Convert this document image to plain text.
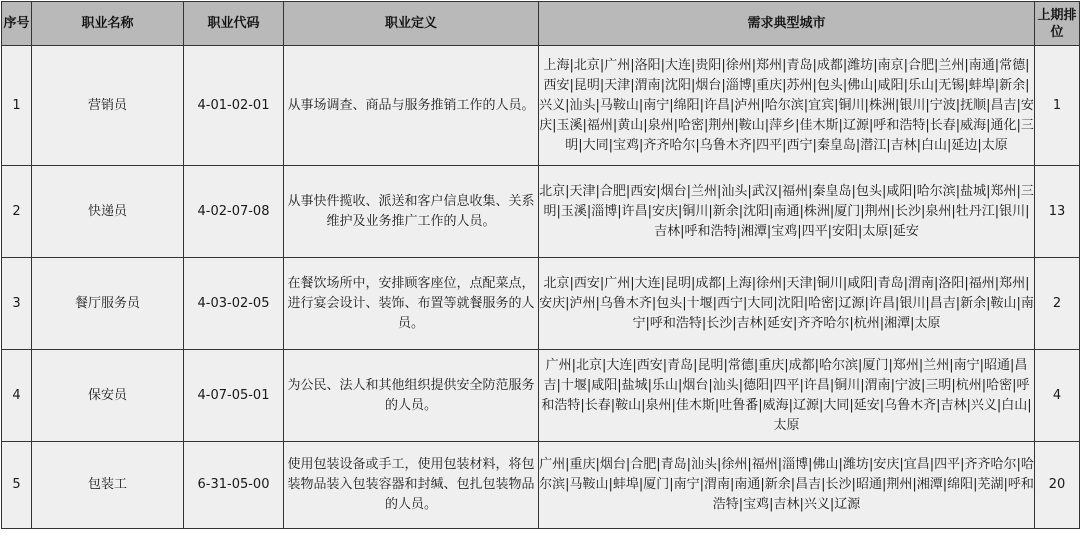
序号	职业名称	职业代码	职业定义	需求典型城市	上期排位
1	营销员	4-01-02-01	从事场调查、商品与服务推销工作的人员。	上海|北京|广州|洛阳|大连|贵阳|徐州|郑州|青岛|成都|潍坊|南京|合肥|兰州|南通|常德|西安|昆明|天津|渭南|沈阳|烟台|淄博|重庆|苏州|包头|佛山|咸阳|乐山|无锡|蚌埠|新余|兴义|汕头|马鞍山|南宁|绵阳|许昌|泸州|哈尔滨|宜宾|铜川|株洲|银川|宁波|抚顺|昌吉|安庆|玉溪|福州|黄山|泉州|哈密|荆州|鞍山|萍乡|佳木斯|辽源|呼和浩特|长春|威海|通化|三明|大同|宝鸡|齐齐哈尔|乌鲁木齐|四平|西宁|秦皇岛|潜江|吉林|白山|延边|太原	1
2	快递员	4-02-07-08	从事快件揽收、派送和客户信息收集、关系维护及业务推广工作的人员。	北京|天津|合肥|西安|烟台|兰州|汕头|武汉|福州|秦皇岛|包头|咸阳|哈尔滨|盐城|郑州|三明|玉溪|淄博|许昌|安庆|铜川|新余|沈阳|南通|株洲|厦门|荆州|长沙|泉州|牡丹江|银川|吉林|呼和浩特|湘潭|宝鸡|四平|安阳|太原|延安	13
3	餐厅服务员	4-03-02-05	在餐饮场所中，安排顾客座位，点配菜点，进行宴会设计、装饰、布置等就餐服务的人员。	北京|西安|广州|大连|昆明|成都|上海|徐州|天津|铜川|咸阳|青岛|渭南|洛阳|福州|郑州|安庆|泸州|乌鲁木齐|包头|十堰|西宁|大同|沈阳|哈密|辽源|许昌|银川|昌吉|新余|鞍山|南宁|呼和浩特|长沙|吉林|延安|齐齐哈尔|杭州|湘潭|太原	2
4	保安员	4-07-05-01	为公民、法人和其他组织提供安全防范服务的人员。	广州|北京|大连|西安|青岛|昆明|常德|重庆|成都|哈尔滨|厦门|郑州|兰州|南宁|昭通|昌吉|十堰|咸阳|盐城|乐山|烟台|汕头|德阳|四平|许昌|铜川|渭南|宁波|三明|杭州|哈密|呼和浩特|长春|鞍山|泉州|佳木斯|吐鲁番|威海|辽源|大同|延安|乌鲁木齐|吉林|兴义|白山|太原	4
5	包装工	6-31-05-00	使用包装设备或手工，使用包装材料，将包装物品装入包装容器和封缄、包扎包装物品的人员。	广州|重庆|烟台|合肥|青岛|汕头|徐州|福州|淄博|佛山|潍坊|安庆|宜昌|四平|齐齐哈尔|哈尔滨|马鞍山|蚌埠|厦门|南宁|渭南|南通|新余|昌吉|长沙|昭通|荆州|湘潭|绵阳|芜湖|呼和浩特|宝鸡|吉林|兴义|辽源	20
